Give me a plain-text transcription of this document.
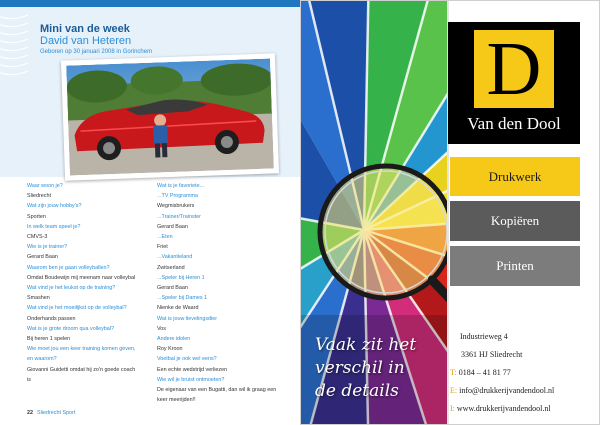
Mini van de week
David van Heteren
Geboren op 30 januari 2008 in Gorinchem
Waar woon je?
Sliedrecht
Wat zijn jouw hobby's?
Sporten
In welk team speel je?
CMVS-3
Wie is je trainer?
Gerard Baan
Waarom ben je gaan volleyballen?
Omdat Boudewijn mij meenam naar volleybal
Wat vind je het leukst op de training?
Smashen
Wat vind je het moeilijkst op de volleybal?
Onderhands passen
Wat is je grote droom qua volleybal?
Bij heren 1 spelen
Wie moet jou een keer training komen geven, en waarom?
Giovanni Guidetti omdat hij zo'n goede coach is
Wat is je favoriete...
...TV Programma
Wegmisbrukers
...Trainer/Trainster
Gerard Baan
...Eten
Friet
...Vakantieland
Zwitserland
...Speler bij Heren 1
Gerard Baan
...Speler bij Dames 1
Nienke de Waard
Wat is jouw lievelingsdier
Vos
Andere idolen
Roy Kroon
Voetbal je ook wel eens?
Een echte wedstrijd verliezen
Wie wil je bruist ontmoeten?
De eigenaar van een Bugatti, dan wil ik graag een keer meerijden!!
22 Sliedrecht Sport
D
Van den Dool
Drukwerk
Kopiëren
Printen
Vaak zit het
verschil in
de details
Industrieweg 4
3361 HJ Sliedrecht
T: 0184 – 41 81 77
E: info@drukkerijvandendool.nl
I: www.drukkerijvandendool.nl
